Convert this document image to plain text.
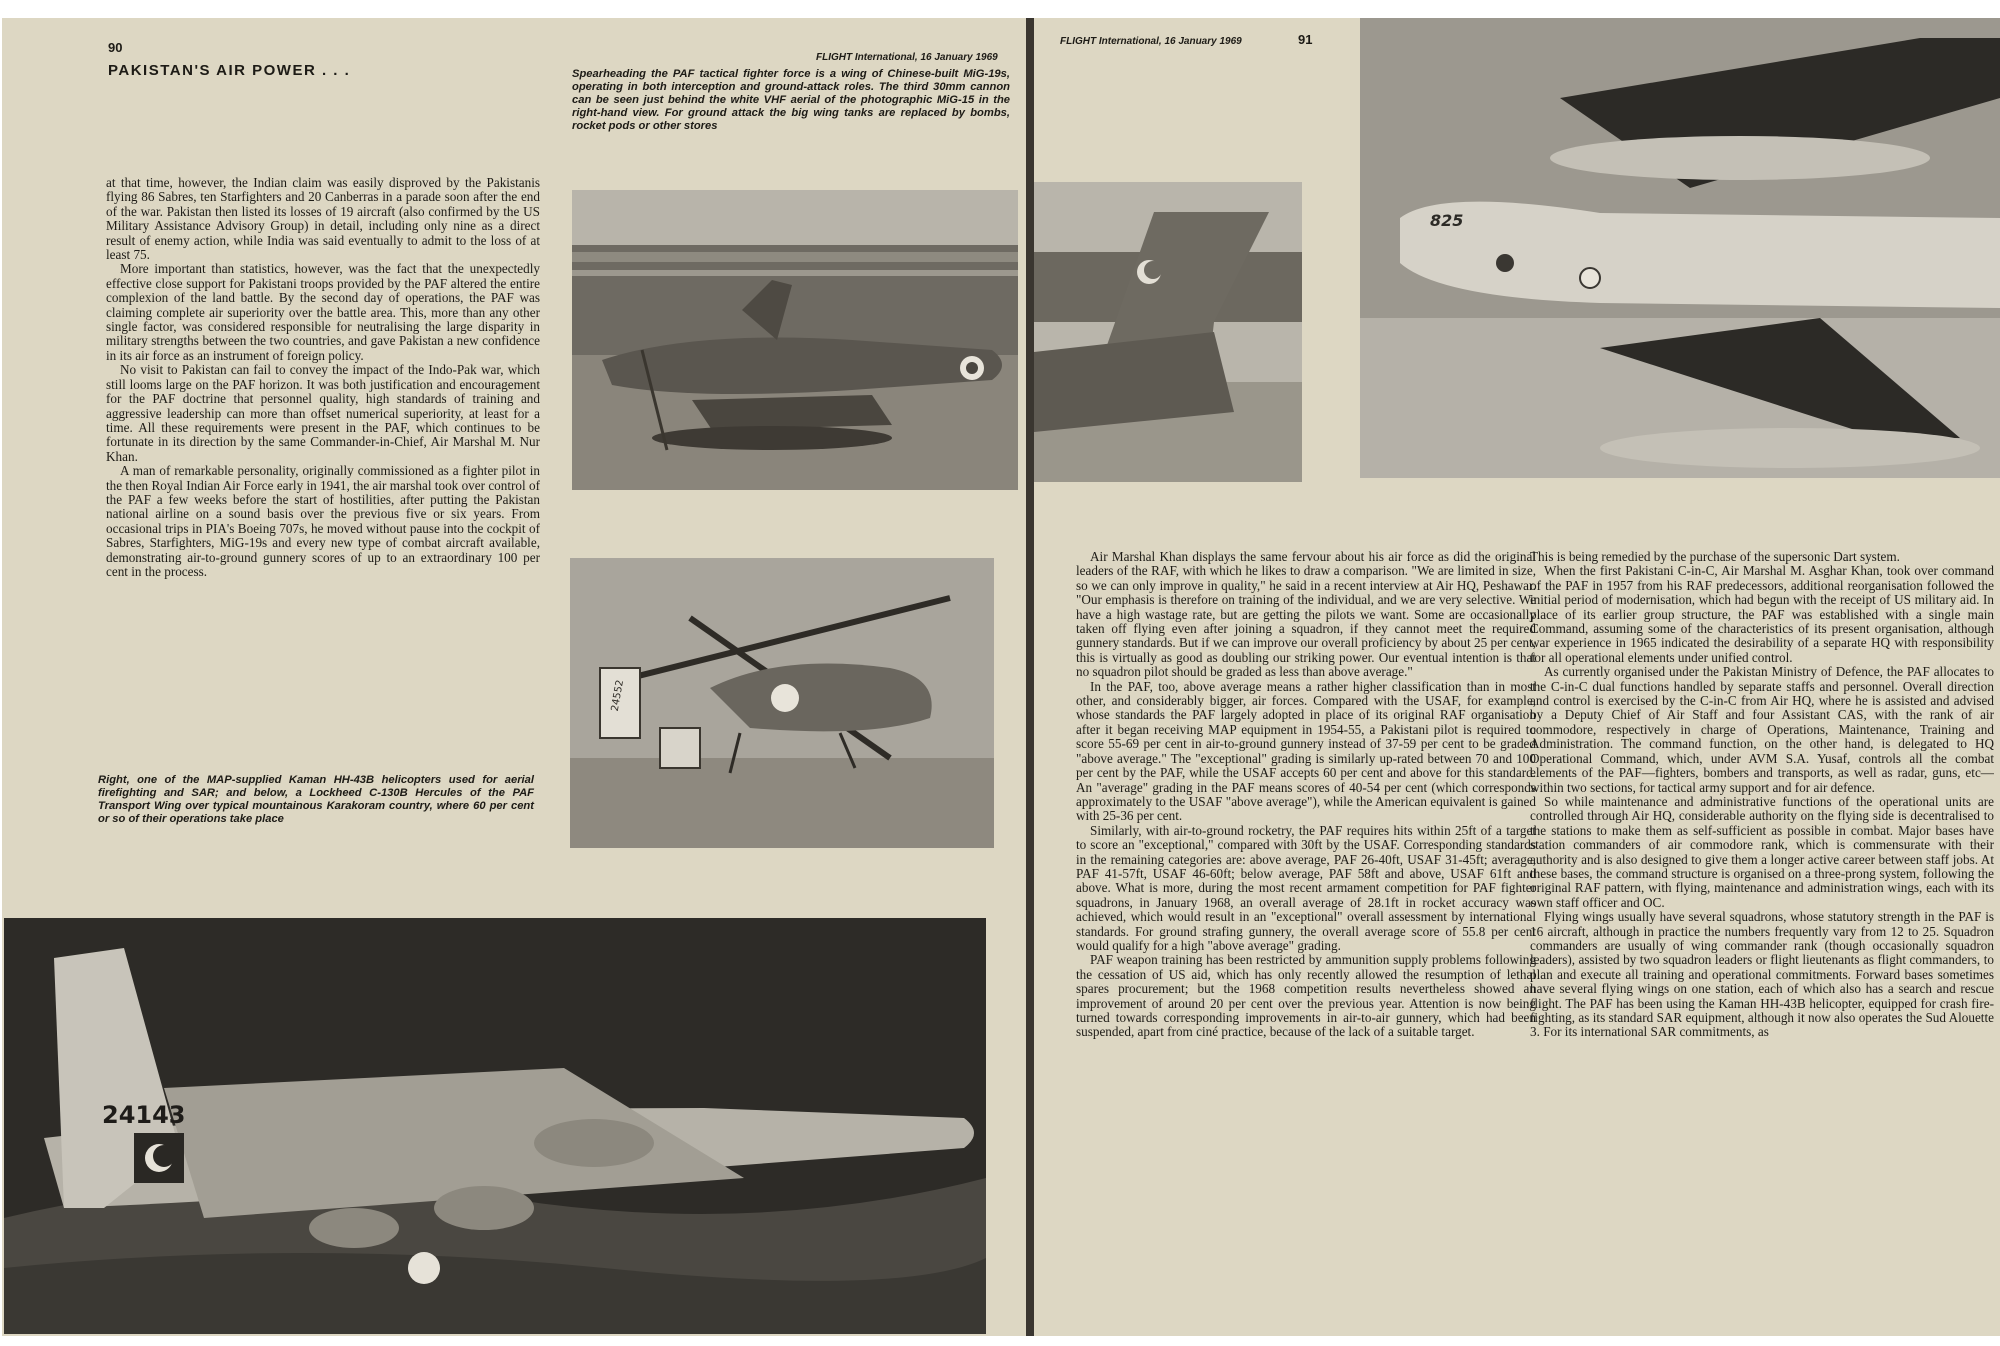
90
FLIGHT International, 16 January 1969
PAKISTAN'S AIR POWER . . .	Spearheading the PAF tactical fighter force is a wing of Chinese-built MiG-19s, operating in both interception and ground-attack roles. The third 30mm cannon can be seen just behind the white VHF aerial of the photographic MiG-15 in the right-hand view. For ground attack the big wing tanks are replaced by bombs, rocket pods or other stores

at that time, however, the Indian claim was easily disproved by the Pakistanis flying 86 Sabres, ten Starfighters and 20 Canberras in a parade soon after the end of the war. Pakistan then listed its losses of 19 aircraft (also confirmed by the US Military Assistance Advisory Group) in detail, including only nine as a direct result of enemy action, while India was said eventually to admit to the loss of at least 75.

More important than statistics, however, was the fact that the unexpectedly effective close support for Pakistani troops provided by the PAF altered the entire complexion of the land battle. By the second day of operations, the PAF was claiming complete air superiority over the battle area. This, more than any other single factor, was considered responsible for neutralising the large disparity in military strengths between the two countries, and gave Pakistan a new confidence in its air force as an instrument of foreign policy.

No visit to Pakistan can fail to convey the impact of the Indo-Pak war, which still looms large on the PAF horizon. It was both justification and encouragement for the PAF doctrine that personnel quality, high standards of training and aggressive leadership can more than offset numerical superiority, at least for a time. All these requirements were present in the PAF, which continues to be fortunate in its direction by the same Commander-in-Chief, Air Marshal M. Nur Khan.

A man of remarkable personality, originally commissioned as a fighter pilot in the then Royal Indian Air Force early in 1941, the air marshal took over control of the PAF a few weeks before the start of hostilities, after putting the Pakistan national airline on a sound basis over the previous five or six years. From occasional trips in PIA's Boeing 707s, he moved without pause into the cockpit of Sabres, Starfighters, MiG-19s and every new type of combat aircraft available, demonstrating air-to-ground gunnery scores of up to an extraordinary 100 per cent in the process.

Right, one of the MAP-supplied Kaman HH-43B helicopters used for aerial firefighting and SAR; and below, a Lockheed C-130B Hercules of the PAF Transport Wing over typical mountainous Karakoram country, where 60 per cent or so of their operations take place
24552
24143
FLIGHT International, 16 January 1969	91
825

Air Marshal Khan displays the same fervour about his air force as did the original leaders of the RAF, with which he likes to draw a comparison. "We are limited in size, so we can only improve in quality," he said in a recent interview at Air HQ, Peshawar. "Our emphasis is therefore on training of the individual, and we are very selective. We have a high wastage rate, but are getting the pilots we want. Some are occasionally taken off flying even after joining a squadron, if they cannot meet the required gunnery standards. But if we can improve our overall proficiency by about 25 per cent, this is virtually as good as doubling our striking power. Our eventual intention is that no squadron pilot should be graded as less than above average."

In the PAF, too, above average means a rather higher classification than in most other, and considerably bigger, air forces. Compared with the USAF, for example, whose standards the PAF largely adopted in place of its original RAF organisation after it began receiving MAP equipment in 1954-55, a Pakistani pilot is required to score 55-69 per cent in air-to-ground gunnery instead of 37-59 per cent to be graded "above average." The "exceptional" grading is similarly up-rated between 70 and 100 per cent by the PAF, while the USAF accepts 60 per cent and above for this standard. An "average" grading in the PAF means scores of 40-54 per cent (which corresponds approximately to the USAF "above average"), while the American equivalent is gained with 25-36 per cent.

Similarly, with air-to-ground rocketry, the PAF requires hits within 25ft of a target to score an "exceptional," compared with 30ft by the USAF. Corresponding standards in the remaining categories are: above average, PAF 26-40ft, USAF 31-45ft; average, PAF 41-57ft, USAF 46-60ft; below average, PAF 58ft and above, USAF 61ft and above. What is more, during the most recent armament competition for PAF fighter squadrons, in January 1968, an overall average of 28.1ft in rocket accuracy was achieved, which would result in an "exceptional" overall assessment by international standards. For ground strafing gunnery, the overall average score of 55.8 per cent would qualify for a high "above average" grading.

PAF weapon training has been restricted by ammunition supply problems following the cessation of US aid, which has only recently allowed the resumption of lethal spares procurement; but the 1968 competition results nevertheless showed an improvement of around 20 per cent over the previous year. Attention is now being turned towards corresponding improvements in air-to-air gunnery, which had been suspended, apart from ciné practice, because of the lack of a suitable target.

This is being remedied by the purchase of the supersonic Dart system.

When the first Pakistani C-in-C, Air Marshal M. Asghar Khan, took over command of the PAF in 1957 from his RAF predecessors, additional reorganisation followed the initial period of modernisation, which had begun with the receipt of US military aid. In place of its earlier group structure, the PAF was established with a single main Command, assuming some of the characteristics of its present organisation, although war experience in 1965 indicated the desirability of a separate HQ with responsibility for all operational elements under unified control.

As currently organised under the Pakistan Ministry of Defence, the PAF allocates to the C-in-C dual functions handled by separate staffs and personnel. Overall direction and control is exercised by the C-in-C from Air HQ, where he is assisted and advised by a Deputy Chief of Air Staff and four Assistant CAS, with the rank of air commodore, respectively in charge of Operations, Maintenance, Training and Administration. The command function, on the other hand, is delegated to HQ Operational Command, which, under AVM S.A. Yusaf, controls all the combat elements of the PAF—fighters, bombers and transports, as well as radar, guns, etc—within two sections, for tactical army support and for air defence.

So while maintenance and administrative functions of the operational units are controlled through Air HQ, considerable authority on the flying side is decentralised to the stations to make them as self-sufficient as possible in combat. Major bases have station commanders of air commodore rank, which is commensurate with their authority and is also designed to give them a longer active career between staff jobs. At these bases, the command structure is organised on a three-prong system, following the original RAF pattern, with flying, maintenance and administration wings, each with its own staff officer and OC.

Flying wings usually have several squadrons, whose statutory strength in the PAF is 16 aircraft, although in practice the numbers frequently vary from 12 to 25. Squadron commanders are usually of wing commander rank (though occasionally squadron leaders), assisted by two squadron leaders or flight lieutenants as flight commanders, to plan and execute all training and operational commitments. Forward bases sometimes have several flying wings on one station, each of which also has a search and rescue flight. The PAF has been using the Kaman HH-43B helicopter, equipped for crash fire-fighting, as its standard SAR equipment, although it now also operates the Sud Alouette 3. For its international SAR commitments, as
